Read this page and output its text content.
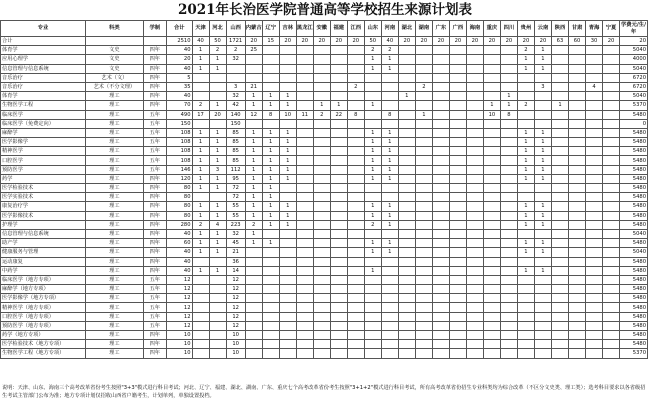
2021年长治医学院普通高等学校招生来源计划表
专业	科类	学制	合计	天津	河北	山西	内蒙古	辽宁	吉林	黑龙江	安徽	福建	江西	山东	河南	湖北	湖南	广东	广西	海南	重庆	四川	贵州	云南	陕西	甘肃	青海	宁夏	学费元/生/年
合计			2510	40	50	1721	20	15	20	20	20	20	20	50	40	20	20	20	20	20	20	20	20	20	63	60	30	20	20
体育学	文史	四年	40	1	2	2	25							2	2								2	1					5040
应用心理学	文史	四年	20	1	1	32								1	1								1	1					4000
信息管理与信息系统	文史	四年	40	1	1									1	1								1	1					5040
音乐治疗	艺术（文）	四年	5																										6720
音乐治疗	艺术（不分文理）	四年	35			3	21						2				2							3			4		6720
体育学	理工	四年	40			32	1	1	1							1						1							5040
生物医学工程	理工	四年	70	2	1	42	1	1	1		1	1		1							1	1	2		1				5370
临床医学	理工	五年	490	17	20	140	12	8	10	11	2	22	8		8		1				10	8							5480
临床医学（免费定向）	理工	五年	150			150																							0
麻醉学	理工	五年	108	1	1	85	1	1	1					1	1								1	1					5480
医学影像学	理工	五年	108	1	1	85	1	1	1					1	1								1	1					5480
精神医学	理工	五年	108	1	1	85	1	1	1					1	1								1	1					5480
口腔医学	理工	五年	108	1	1	85	1	1	1					1	1								1	1					5480
预防医学	理工	五年	146	1	3	112	1	1	1					1	1								1	1					5480
药学	理工	四年	120	1	1	95	1	1	1					1	1								1	1					5480
医学检验技术	理工	四年	80	1	1	72	1	1																					5480
医学实验技术	理工	四年	80			72	1	1																					5480
康复治疗学	理工	四年	80	1	1	55	1	1	1					1	1								1	1					5480
医学影像技术	理工	四年	80	1	1	55	1	1	1					1	1								1	1					5480
护理学	理工	四年	280	2	4	223	2	1	1					2	1								1	1					5480
信息管理与信息系统	理工	四年	40	1	1	32	1																						5040
助产学	理工	四年	60	1	1	45	1	1						1	1								1	1					5480
健康服务与管理	理工	四年	40	1	1	21								1	1								1	1					5040
运动康复	理工	四年	40			36																							5480
中药学	理工	四年	40	1	1	14								1									1	1					5480
临床医学（地方专项）	理工	五年	12			12																							5480
麻醉学（地方专项）	理工	五年	12			12																							5480
医学影像学（地方专项）	理工	五年	12			12																							5480
精神医学（地方专项）	理工	五年	12			12																							5480
口腔医学（地方专项）	理工	五年	12			12																							5480
预防医学（地方专项）	理工	五年	12			12																							5480
药学（地方专项）	理工	四年	10			10																							5480
医学检验技术（地方专项）	理工	四年	10			10																							5480
生物医学工程（地方专项）	理工	四年	10			10																							5370
说明：天津、山东、海南三个高考改革省份考生按照"3+3"模式进行科目考试；河北、辽宁、福建、湖北、湖南、广东、重庆七个高考改革省份考生按照"3+1+2"模式进行科目考试，所有高考改革省份招生专业科类均为综合改革（不区分文史类、理工类）；选考科目要求以各省级招生考试主管部门公布为准；地方专项计划仅招收山西省户籍考生，计划单列，单独设置投档。
